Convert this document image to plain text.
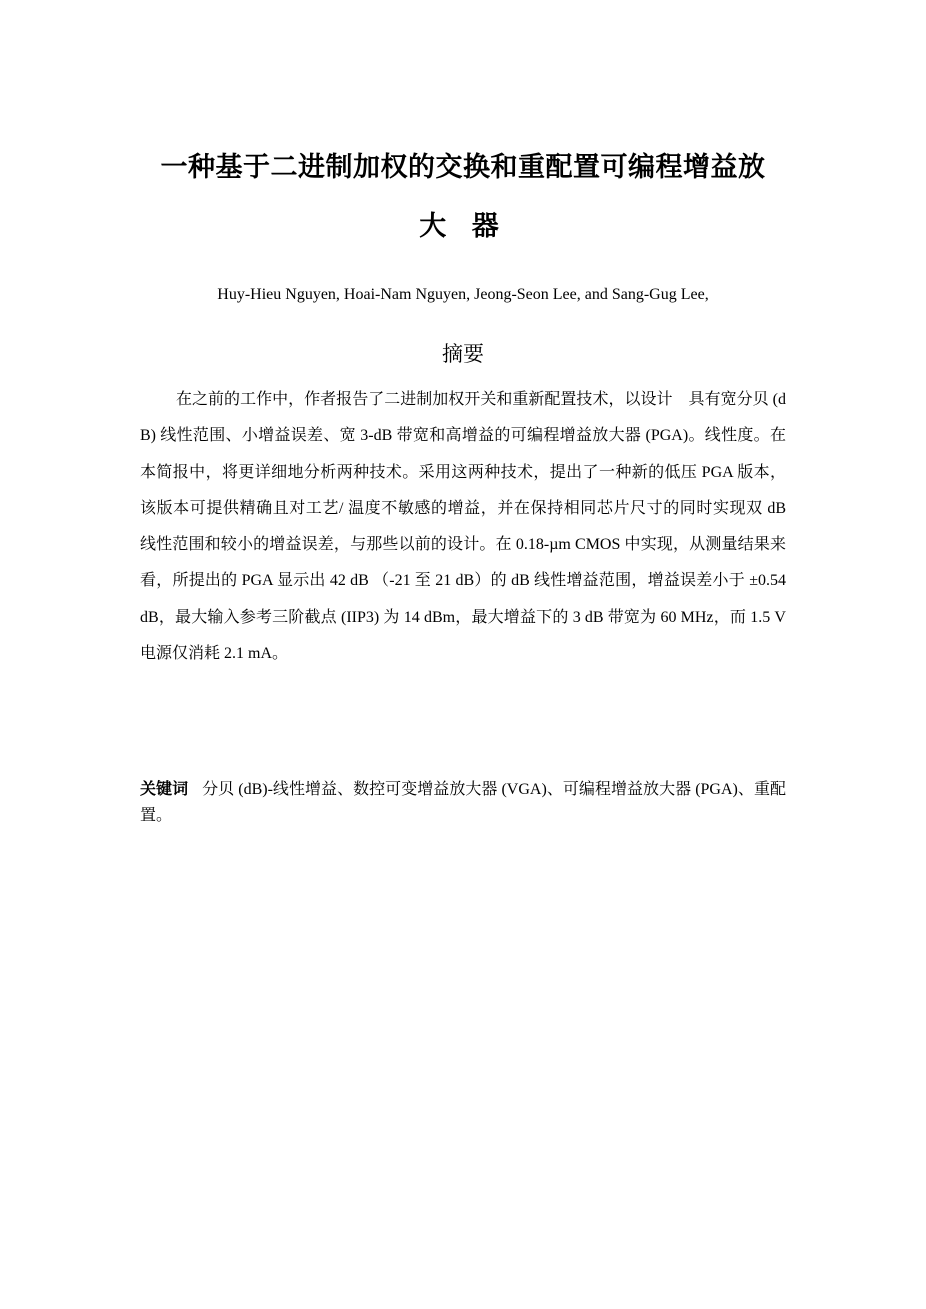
一种基于二进制加权的交换和重配置可编程增益放
大 器
Huy-Hieu Nguyen, Hoai-Nam Nguyen, Jeong-Seon Lee, and Sang-Gug Lee,
摘要
在之前的工作中，作者报告了二进制加权开关和重新配置技术，以设计　具有宽分贝 (dB) 线性范围、小增益误差、宽 3-dB 带宽和高增益的可编程增益放大器 (PGA)。线性度。在本简报中，将更详细地分析两种技术。采用这两种技术，提出了一种新的低压 PGA 版本，该版本可提供精确且对工艺/ 温度不敏感的增益，并在保持相同芯片尺寸的同时实现双 dB　线性范围和较小的增益误差，与那些以前的设计。在 0.18-µm CMOS 中实现，从测量结果来看，所提出的 PGA 显示出 42 dB （-21 至 21 dB）的 dB 线性增益范围，增益误差小于 ±0.54 dB，最大输入参考三阶截点 (IIP3) 为 14 dBm，最大增益下的 3 dB 带宽为 60 MHz，而 1.5 V 电源仅消耗 2.1 mA。
关键词 分贝 (dB)-线性增益、数控可变增益放大器 (VGA)、可编程增益放大器 (PGA)、重配置。
